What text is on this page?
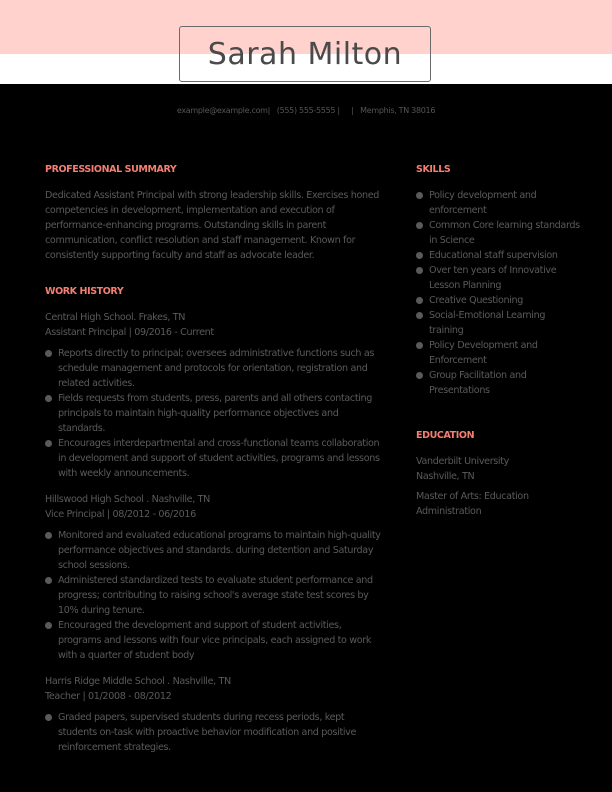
Sarah Milton
example@example.com|   (555) 555-5555 |     |   Memphis, TN 38016
PROFESSIONAL SUMMARY

Dedicated Assistant Principal with strong leadership skills. Exercises honed competencies in development, implementation and execution of performance-enhancing programs. Outstanding skills in parent communication, conflict resolution and staff management. Known for consistently supporting faculty and staff as advocate leader.

WORK HISTORY
Central High School. Frakes, TN
Assistant Principal | 09/2016 - Current
Reports directly to principal; oversees administrative functions such as schedule management and protocols for orientation, registration and related activities.
Fields requests from students, press, parents and all others contacting principals to maintain high-quality performance objectives and standards.
Encourages interdepartmental and cross-functional teams collaboration in development and support of student activities, programs and lessons with weekly announcements.
Hillswood High School . Nashville, TN
Vice Principal | 08/2012 - 06/2016
Monitored and evaluated educational programs to maintain high-quality performance objectives and standards. during detention and Saturday school sessions.
Administered standardized tests to evaluate student performance and progress; contributing to raising school's average state test scores by 10% during tenure.
Encouraged the development and support of student activities, programs and lessons with four vice principals, each assigned to work with a quarter of student body
Harris Ridge Middle School . Nashville, TN
Teacher | 01/2008 - 08/2012
Graded papers, supervised students during recess periods, kept students on-task with proactive behavior modification and positive reinforcement strategies.
SKILLS
Policy development and enforcement
Common Core learning standards in Science
Educational staff supervision
Over ten years of Innovative Lesson Planning
Creative Questioning
Social-Emotional Learning training
Policy Development and Enforcement
Group Facilitation and Presentations
EDUCATION
Vanderbilt University
Nashville, TN
Master of Arts: Education Administration
